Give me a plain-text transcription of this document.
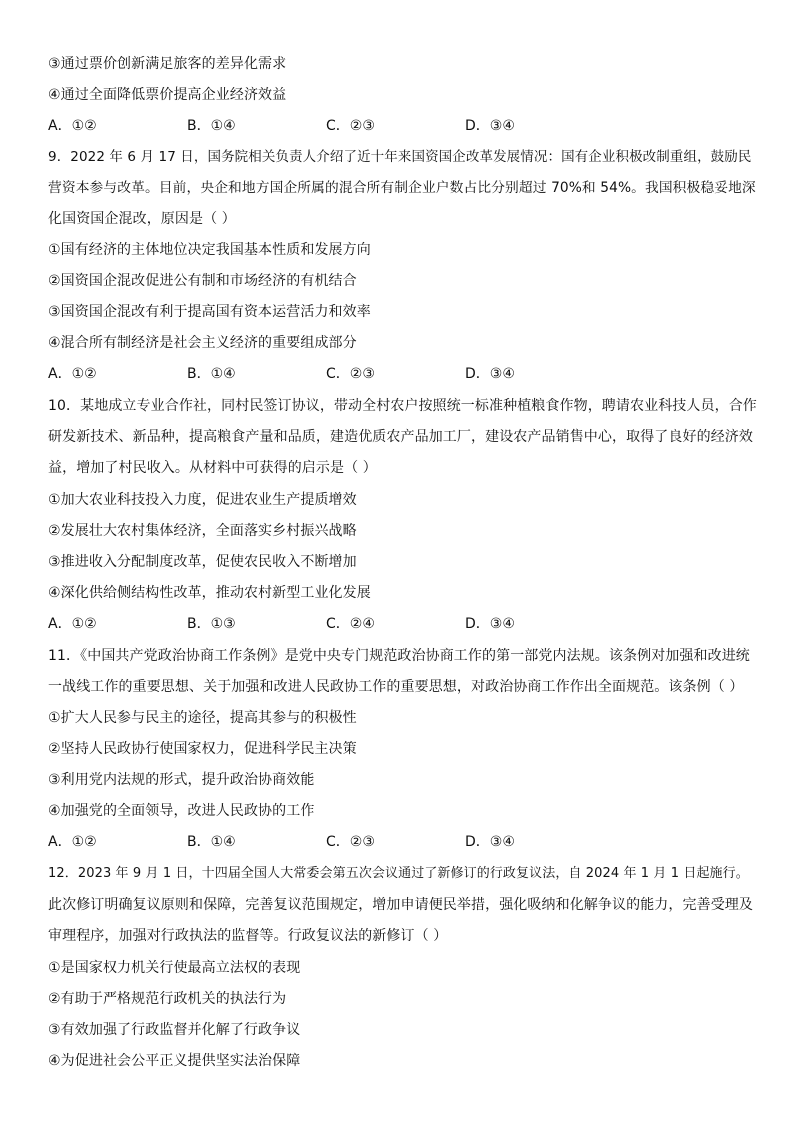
③通过票价创新满足旅客的差异化需求
④通过全面降低票价提高企业经济效益
A．①②	B．①④	C．②③	D．③④
9．2022 年 6 月 17 日，国务院相关负责人介绍了近十年来国资国企改革发展情况：国有企业积极改制重组，鼓励民
营资本参与改革。目前，央企和地方国企所属的混合所有制企业户数占比分别超过 70%和 54%。我国积极稳妥地深
化国资国企混改，原因是（ ）
①国有经济的主体地位决定我国基本性质和发展方向
②国资国企混改促进公有制和市场经济的有机结合
③国资国企混改有利于提高国有资本运营活力和效率
④混合所有制经济是社会主义经济的重要组成部分
A．①②	B．①④	C．②③	D．③④
10．某地成立专业合作社，同村民签订协议，带动全村农户按照统一标准种植粮食作物，聘请农业科技人员，合作
研发新技术、新品种，提高粮食产量和品质，建造优质农产品加工厂，建设农产品销售中心，取得了良好的经济效
益，增加了村民收入。从材料中可获得的启示是（ ）
①加大农业科技投入力度，促进农业生产提质增效
②发展壮大农村集体经济，全面落实乡村振兴战略
③推进收入分配制度改革，促使农民收入不断增加
④深化供给侧结构性改革，推动农村新型工业化发展
A．①②	B．①③	C．②④	D．③④
11．《中国共产党政治协商工作条例》是党中央专门规范政治协商工作的第一部党内法规。该条例对加强和改进统
一战线工作的重要思想、关于加强和改进人民政协工作的重要思想，对政治协商工作作出全面规范。该条例（ ）
①扩大人民参与民主的途径，提高其参与的积极性
②坚持人民政协行使国家权力，促进科学民主决策
③利用党内法规的形式，提升政治协商效能
④加强党的全面领导，改进人民政协的工作
A．①②	B．①④	C．②③	D．③④
12．2023 年 9 月 1 日，十四届全国人大常委会第五次会议通过了新修订的行政复议法，自 2024 年 1 月 1 日起施行。
此次修订明确复议原则和保障，完善复议范围规定，增加申请便民举措，强化吸纳和化解争议的能力，完善受理及
审理程序，加强对行政执法的监督等。行政复议法的新修订（ ）
①是国家权力机关行使最高立法权的表现
②有助于严格规范行政机关的执法行为
③有效加强了行政监督并化解了行政争议
④为促进社会公平正义提供坚实法治保障
